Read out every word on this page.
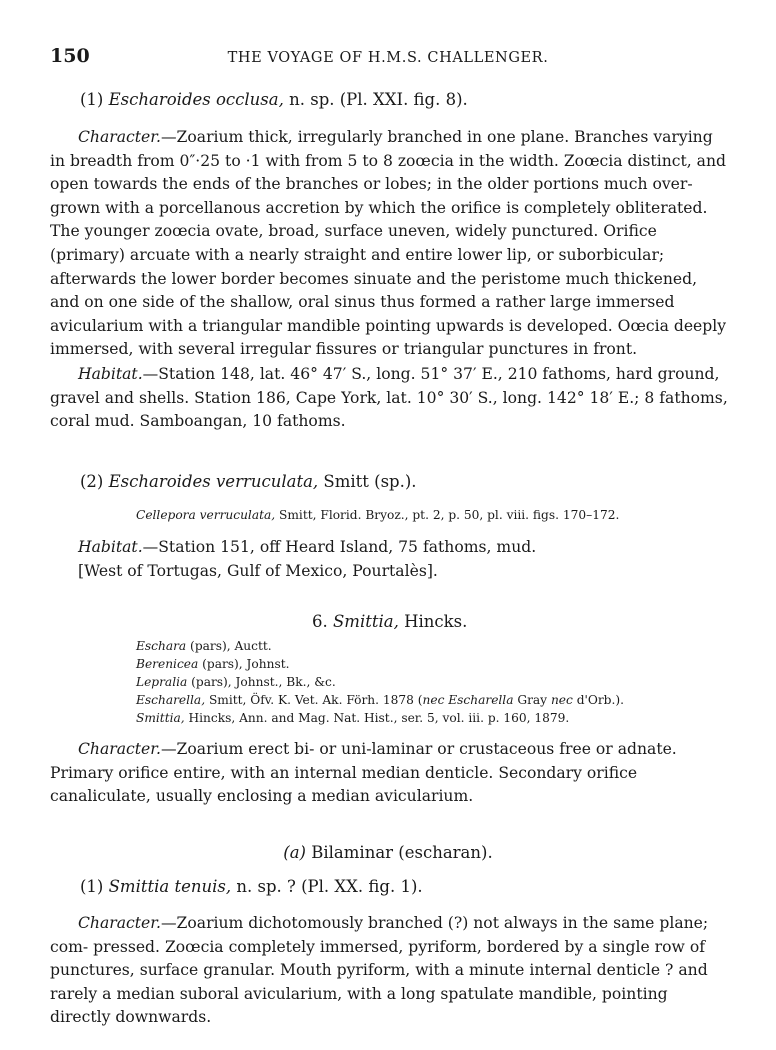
150	THE VOYAGE OF H.M.S. CHALLENGER.
(1) Escharoides occlusa, n. sp. (Pl. XXI. fig. 8).
Character.—Zoarium thick, irregularly branched in one plane. Branches varying in breadth from 0″·25 to ·1 with from 5 to 8 zoœcia in the width. Zoœcia distinct, and open towards the ends of the branches or lobes; in the older portions much over-grown with a porcellanous accretion by which the orifice is completely obliterated. The younger zoœcia ovate, broad, surface uneven, widely punctured. Orifice (primary) arcuate with a nearly straight and entire lower lip, or suborbicular; afterwards the lower border becomes sinuate and the peristome much thickened, and on one side of the shallow, oral sinus thus formed a rather large immersed avicularium with a triangular mandible pointing upwards is developed. Oœcia deeply immersed, with several irregular fissures or triangular punctures in front.
Habitat.—Station 148, lat. 46° 47′ S., long. 51° 37′ E., 210 fathoms, hard ground, gravel and shells. Station 186, Cape York, lat. 10° 30′ S., long. 142° 18′ E.; 8 fathoms, coral mud. Samboangan, 10 fathoms.
(2) Escharoides verruculata, Smitt (sp.).
Cellepora verruculata, Smitt, Florid. Bryoz., pt. 2, p. 50, pl. viii. figs. 170–172.
Habitat.—Station 151, off Heard Island, 75 fathoms, mud.
[West of Tortugas, Gulf of Mexico, Pourtalès].
6. Smittia, Hincks.
Eschara (pars), Auctt.
Berenicea (pars), Johnst.
Lepralia (pars), Johnst., Bk., &c.
Escharella, Smitt, Öfv. K. Vet. Ak. Förh. 1878 (nec Escharella Gray nec d'Orb.).
Smittia, Hincks, Ann. and Mag. Nat. Hist., ser. 5, vol. iii. p. 160, 1879.
Character.—Zoarium erect bi- or uni-laminar or crustaceous free or adnate. Primary orifice entire, with an internal median denticle. Secondary orifice canaliculate, usually enclosing a median avicularium.
(a) Bilaminar (escharan).
(1) Smittia tenuis, n. sp. ? (Pl. XX. fig. 1).
Character.—Zoarium dichotomously branched (?) not always in the same plane; com- pressed. Zoœcia completely immersed, pyriform, bordered by a single row of punctures, surface granular. Mouth pyriform, with a minute internal denticle ? and rarely a median suboral avicularium, with a long spatulate mandible, pointing directly downwards.
